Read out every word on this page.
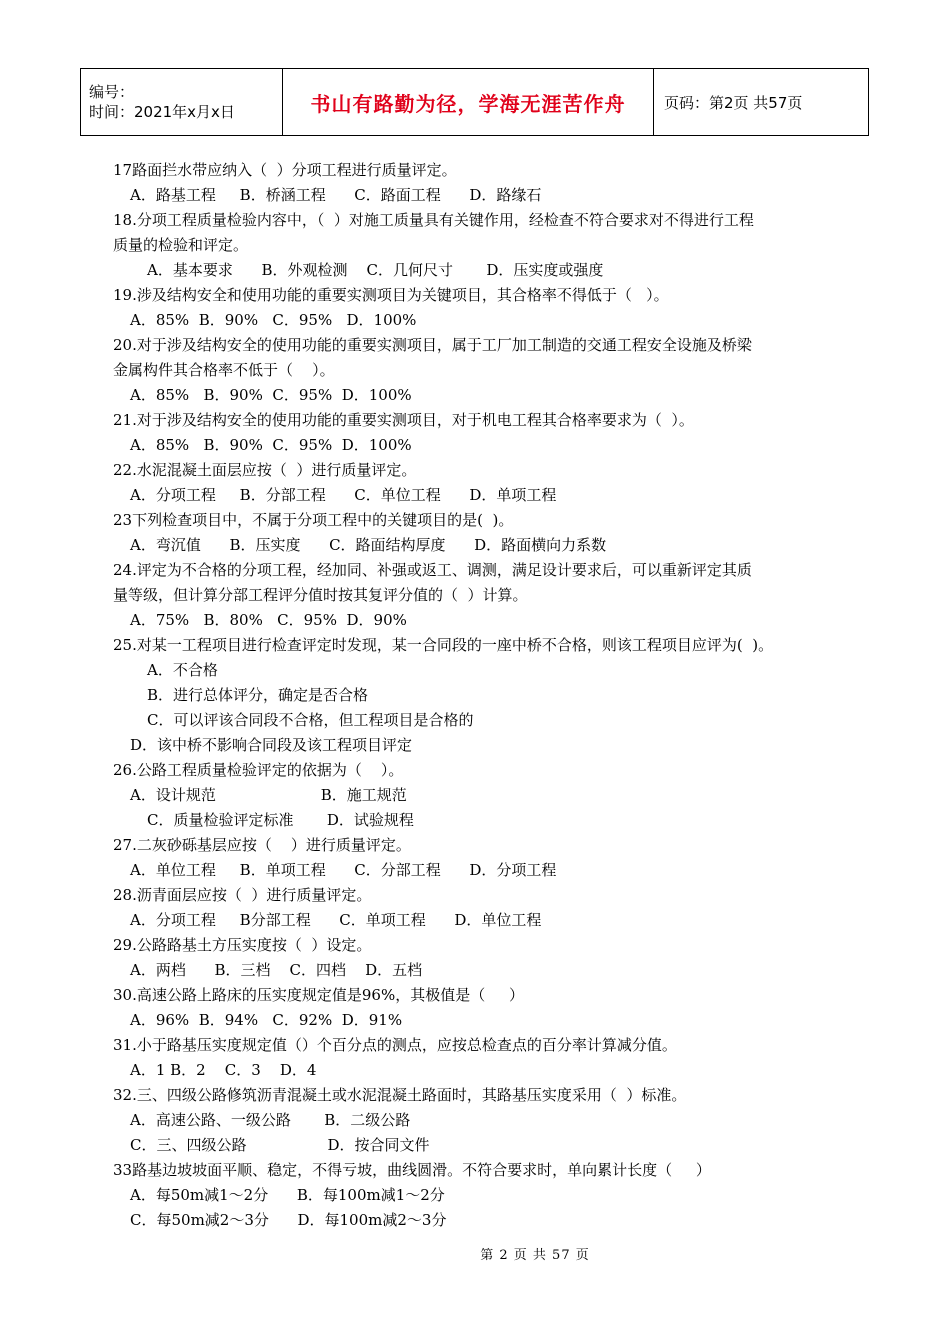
编号：
时间：2021年x月x日	书山有路勤为径，学海无涯苦作舟	页码：第2页 共57页
17路面拦水带应纳入（  ）分项工程进行质量评定。
A．路基工程     B．桥涵工程      C．路面工程      D．路缘石
18.分项工程质量检验内容中，（  ）对施工质量具有关键作用，经检查不符合要求对不得进行工程
质量的检验和评定。
A．基本要求      B．外观检测    C．几何尺寸       D．压实度或强度
19.涉及结构安全和使用功能的重要实测项目为关键项目，其合格率不得低于（   ）。
A．85%  B．90%   C．95%   D．100%
20.对于涉及结构安全的使用功能的重要实测项目，属于工厂加工制造的交通工程安全设施及桥梁
金属构件其合格率不低于（    ）。
A．85%   B．90%  C．95%  D．100%
21.对于涉及结构安全的使用功能的重要实测项目，对于机电工程其合格率要求为（  ）。
A．85%   B．90%  C．95%  D．100%
22.水泥混凝土面层应按（  ）进行质量评定。
A．分项工程     B．分部工程      C．单位工程      D．单项工程
23下列检查项目中，不属于分项工程中的关键项目的是(  )。
A．弯沉值      B．压实度      C．路面结构厚度      D．路面横向力系数
24.评定为不合格的分项工程，经加同、补强或返工、调测，满足设计要求后，可以重新评定其质
量等级，但计算分部工程评分值时按其复评分值的（  ）计算。
A．75%   B．80%   C．95%  D．90%
25.对某一工程项目进行检查评定时发现，某一合同段的一座中桥不合格，则该工程项目应评为(  )。
A．不合格
B．进行总体评分，确定是否合格
C．可以评该合同段不合格，但工程项目是合格的
D．该中桥不影响合同段及该工程项目评定
26.公路工程质量检验评定的依据为（    ）。
A．设计规范                      B．施工规范
C．质量检验评定标准       D．试验规程
27.二灰砂砾基层应按（    ）进行质量评定。
A．单位工程     B．单项工程      C．分部工程      D．分项工程
28.沥青面层应按（  ）进行质量评定。
A．分项工程     B分部工程      C．单项工程      D．单位工程
29.公路路基土方压实度按（  ）设定。
A．两档      B．三档    C．四档    D．五档
30.高速公路上路床的压实度规定值是96%，其极值是（     ）
A．96%  B．94%   C．92%  D．91%
31.小于路基压实度规定值（）个百分点的测点，应按总检查点的百分率计算减分值。
A．1 B．2    C．3    D．4
32.三、四级公路修筑沥青混凝土或水泥混凝土路面时，其路基压实度采用（  ）标准。
A．高速公路、一级公路       B．二级公路
C．三、四级公路                 D．按合同文件
33路基边坡坡面平顺、稳定，不得亏坡，曲线圆滑。不符合要求时，单向累计长度（     ）
A．每50m减1～2分      B．每100m减1～2分
C．每50m减2～3分      D．每100m减2～3分
第 2 页 共 57 页
